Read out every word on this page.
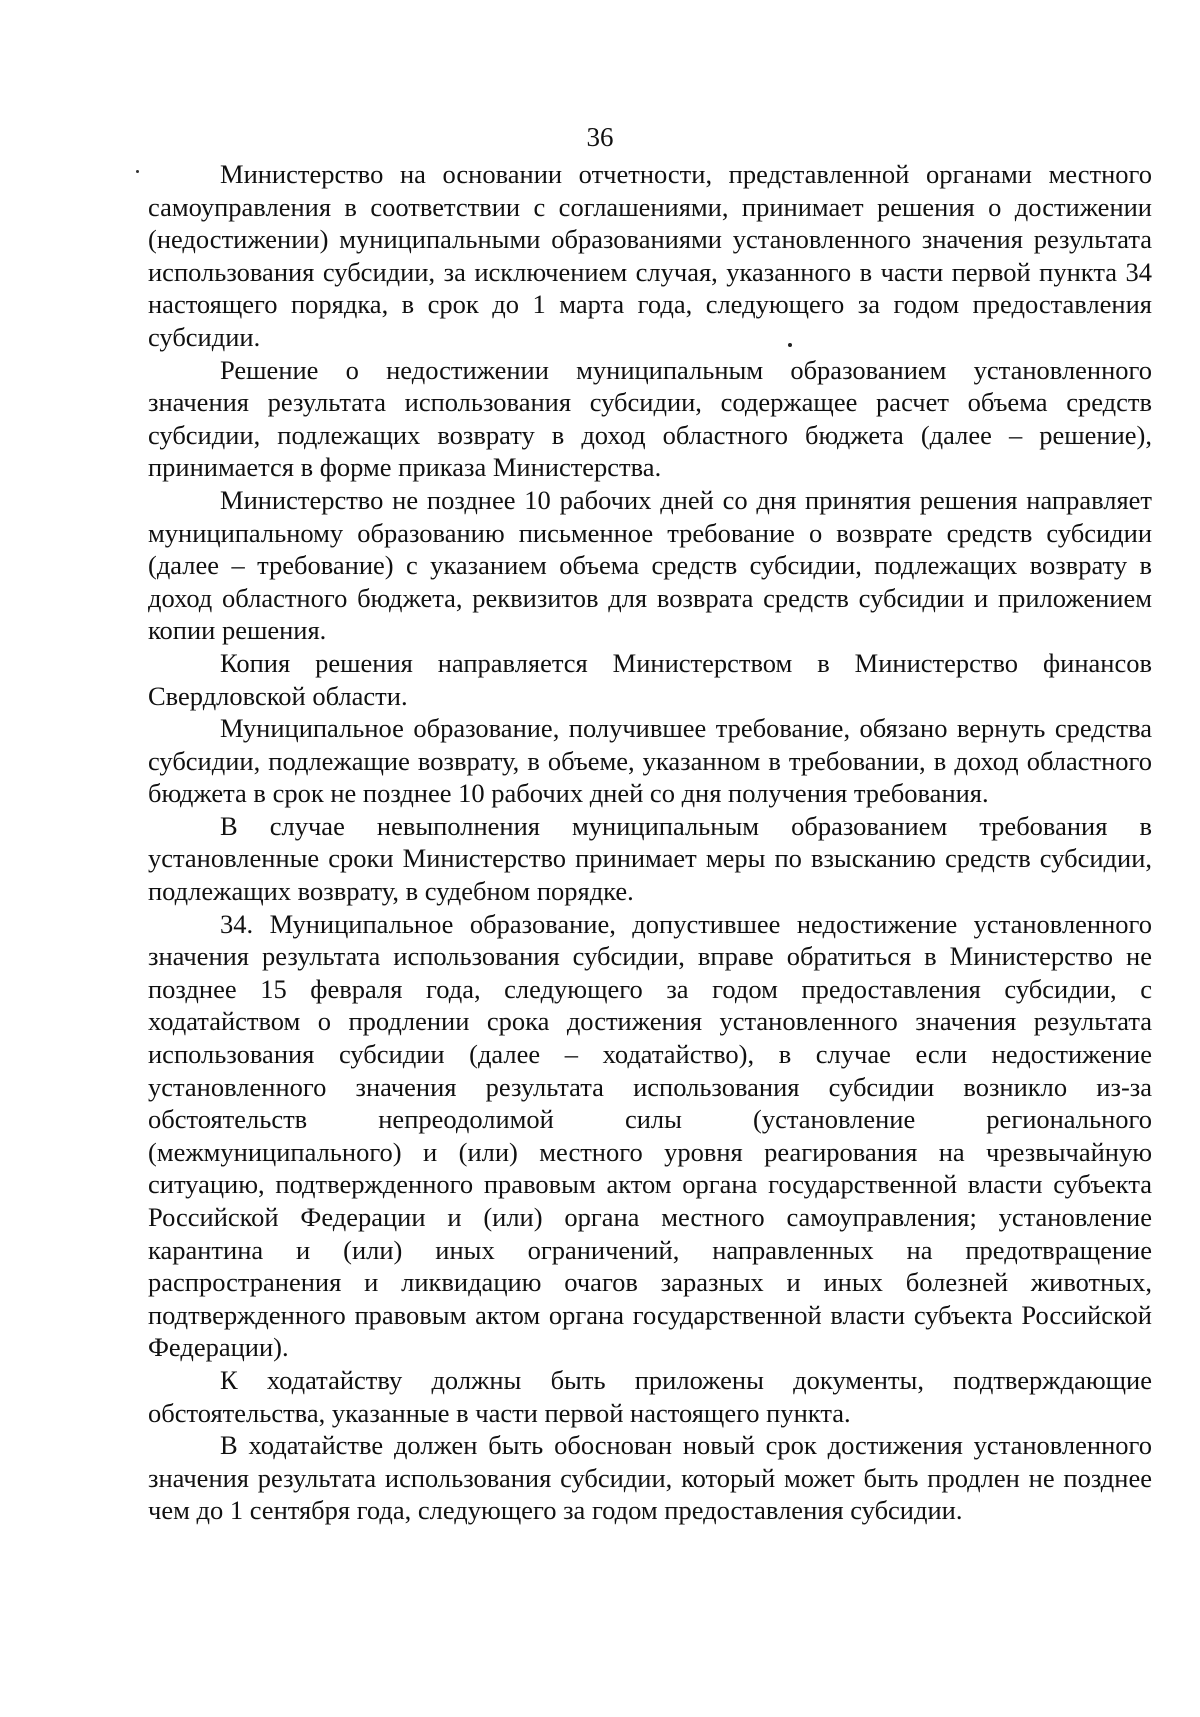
36

Министерство на основании отчетности, представленной органами местного самоуправления в соответствии с соглашениями, принимает решения о достижении (недостижении) муниципальными образованиями установленного значения результата использования субсидии, за исключением случая, указанного в части первой пункта 34 настоящего порядка, в срок до 1 марта года, следующего за годом предоставления субсидии.

Решение о недостижении муниципальным образованием установленного значения результата использования субсидии, содержащее расчет объема средств субсидии, подлежащих возврату в доход областного бюджета (далее – решение), принимается в форме приказа Министерства.

Министерство не позднее 10 рабочих дней со дня принятия решения направляет муниципальному образованию письменное требование о возврате средств субсидии (далее – требование) с указанием объема средств субсидии, подлежащих возврату в доход областного бюджета, реквизитов для возврата средств субсидии и приложением копии решения.

Копия решения направляется Министерством в Министерство финансов Свердловской области.

Муниципальное образование, получившее требование, обязано вернуть средства субсидии, подлежащие возврату, в объеме, указанном в требовании, в доход областного бюджета в срок не позднее 10 рабочих дней со дня получения требования.

В случае невыполнения муниципальным образованием требования в установленные сроки Министерство принимает меры по взысканию средств субсидии, подлежащих возврату, в судебном порядке.

34. Муниципальное образование, допустившее недостижение установленного значения результата использования субсидии, вправе обратиться в Министерство не позднее 15 февраля года, следующего за годом предоставления субсидии, с ходатайством о продлении срока достижения установленного значения результата использования субсидии (далее – ходатайство), в случае если недостижение установленного значения результата использования субсидии возникло из-за обстоятельств непреодолимой силы (установление регионального (межмуниципального) и (или) местного уровня реагирования на чрезвычайную ситуацию, подтвержденного правовым актом органа государственной власти субъекта Российской Федерации и (или) органа местного самоуправления; установление карантина и (или) иных ограничений, направленных на предотвращение распространения и ликвидацию очагов заразных и иных болезней животных, подтвержденного правовым актом органа государственной власти субъекта Российской Федерации).

К ходатайству должны быть приложены документы, подтверждающие обстоятельства, указанные в части первой настоящего пункта.

В ходатайстве должен быть обоснован новый срок достижения установленного значения результата использования субсидии, который может быть продлен не позднее чем до 1 сентября года, следующего за годом предоставления субсидии.
